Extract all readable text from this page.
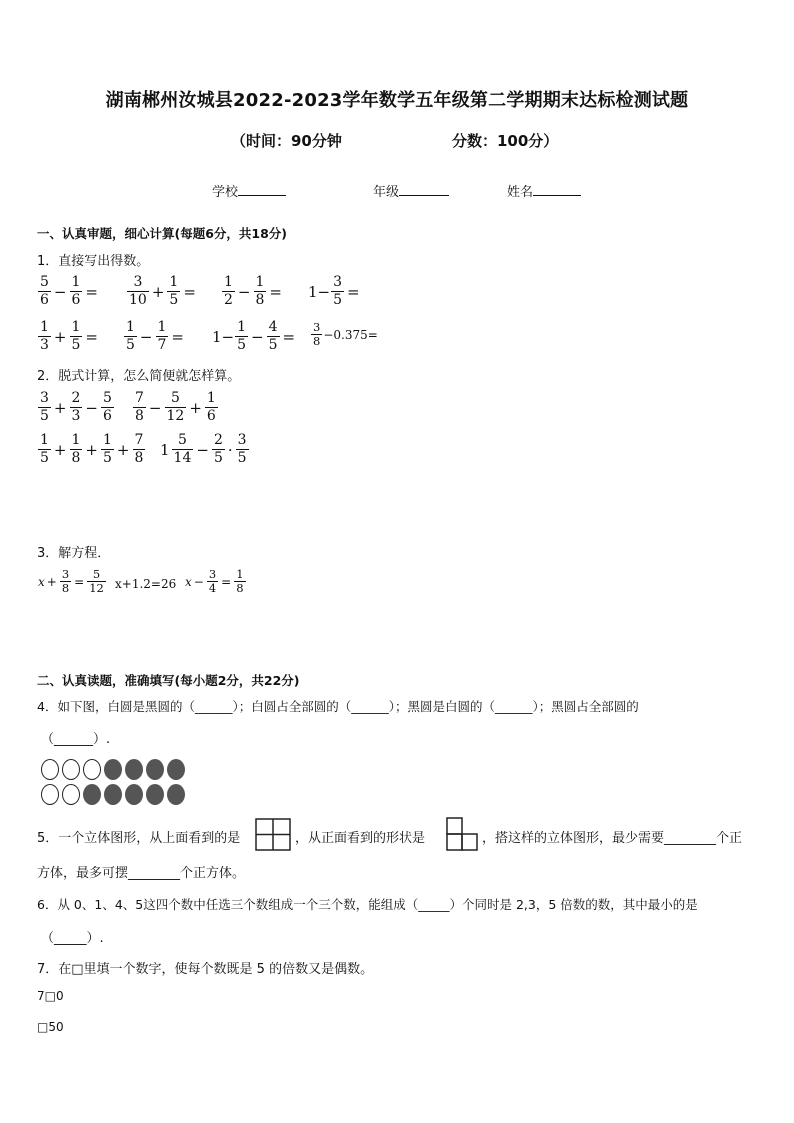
湖南郴州汝城县2022-2023学年数学五年级第二学期期末达标检测试题
（时间：90分钟	分数：100分）
学校	年级	姓名
一、认真审题，细心计算(每题6分，共18分)
1．直接写出得数。
$\frac{5}{6} - \frac{1}{6} = \frac{3}{10} + \frac{1}{5} = \frac{1}{2} - \frac{1}{8} = 1- \frac{3}{5}$ =
$\frac{1}{3} + \frac{1}{5} = \frac{1}{5} - \frac{1}{7} = 1- \frac{1}{5} - \frac{4}{5} = \frac{3}{8} -0.375=$
2．脱式计算，怎么简便就怎样算。
$\frac{3}{5} + \frac{2}{3} - \frac{5}{6} \frac{7}{8} - \frac{5}{12} + \frac{1}{6}$
$\frac{1}{5} + \frac{1}{8} + \frac{1}{5} + \frac{7}{8} 1 \frac{5}{14} - \frac{2}{5} \cdot \frac{3}{5}$
3．解方程．
$x + \frac{3}{8} = \frac{5}{12} x+1.2=26$ $x - \frac{3}{4} = \frac{1}{8}$
二、认真读题，准确填写(每小题2分，共22分)
4．如下图，白圆是黑圆的（______）；白圆占全部圆的（______）；黑圆是白圆的（______）；黑圆占全部圆的
（______）.
5．一个立体图形，从上面看到的是	，从正面看到的形状是	，搭这样的立体图形，最少需要________个正
方体，最多可摆________个正方体。
6．从 0、1、4、5这四个数中任选三个数组成一个三个数，能组成（_____）个同时是 2,3，5 倍数的数，其中最小的是
（_____）.
7．在□里填一个数字，使每个数既是 5 的倍数又是偶数。
7□0
□50
